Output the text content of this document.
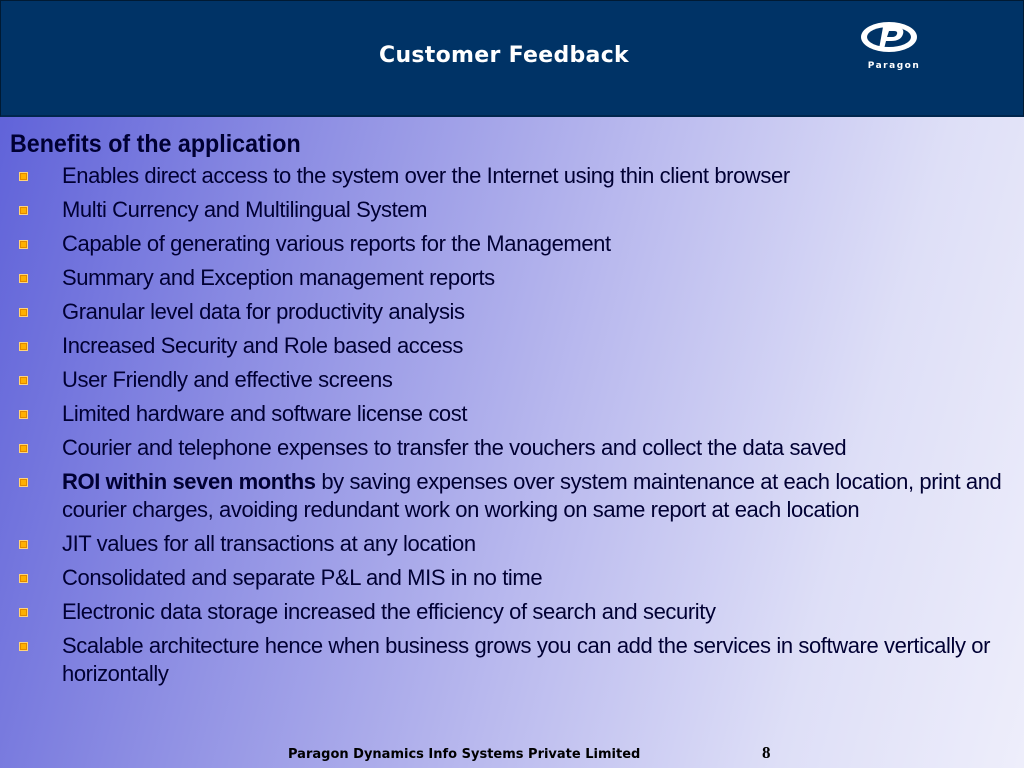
Customer Feedback	Paragon
Benefits of the application
Enables direct access to the system over the Internet using thin client browser
Multi Currency and Multilingual System
Capable of generating various reports for the Management
Summary and Exception management reports
Granular level data for productivity analysis
Increased Security and Role based access
User Friendly and effective screens
Limited hardware and software license cost
Courier and telephone expenses to transfer the vouchers and collect the data saved
ROI within seven months by saving expenses over system maintenance at each location, print and courier charges, avoiding redundant work on working on same report at each location
JIT values for all transactions at any location
Consolidated and separate P&L and MIS in no time
Electronic data storage increased the efficiency of search and security
Scalable architecture hence when business grows you can add the services in software vertically or horizontally
Paragon Dynamics Info Systems Private Limited	8
